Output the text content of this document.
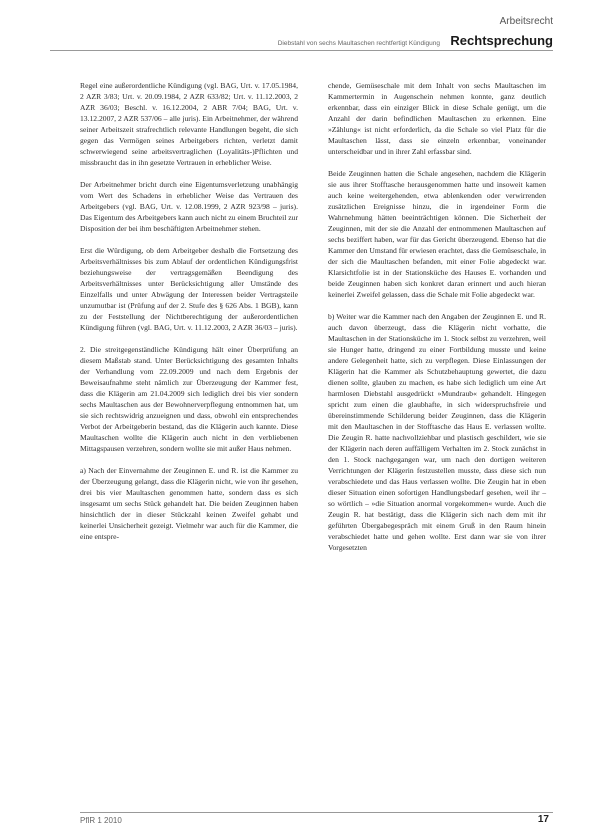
Arbeitsrecht
Diebstahl von sechs Maultaschen rechtfertigt Kündigung Rechtsprechung

Regel eine außerordentliche Kündigung (vgl. BAG, Urt. v. 17.05.1984, 2 AZR 3/83; Urt. v. 20.09.1984, 2 AZR 633/82; Urt. v. 11.12.2003, 2 AZR 36/03; Beschl. v. 16.12.2004, 2 ABR 7/04; BAG, Urt. v. 13.12.2007, 2 AZR 537/06 – alle juris). Ein Arbeitnehmer, der während seiner Arbeitszeit strafrechtlich relevante Handlungen begeht, die sich gegen das Vermögen seines Arbeitgebers richten, verletzt damit schwerwiegend seine arbeitsvertraglichen (Loyalitäts-)Pflichten und missbraucht das in ihn gesetzte Vertrauen in erheblicher Weise.

Der Arbeitnehmer bricht durch eine Eigentumsverletzung unabhängig vom Wert des Schadens in erheblicher Weise das Vertrauen des Arbeitgebers (vgl. BAG, Urt. v. 12.08.1999, 2 AZR 923/98 – juris). Das Eigentum des Arbeitgebers kann auch nicht zu einem Bruchteil zur Disposition der bei ihm beschäftigten Arbeitnehmer stehen.

Erst die Würdigung, ob dem Arbeitgeber deshalb die Fortsetzung des Arbeitsverhältnisses bis zum Ablauf der ordentlichen Kündigungsfrist beziehungsweise der vertragsgemäßen Beendigung des Arbeitsverhältnisses unter Berücksichtigung aller Umstände des Einzelfalls und unter Abwägung der Interessen beider Vertragsteile unzumutbar ist (Prüfung auf der 2. Stufe des § 626 Abs. 1 BGB), kann zu der Feststellung der Nichtberechtigung der außerordentlichen Kündigung führen (vgl. BAG, Urt. v. 11.12.2003, 2 AZR 36/03 – juris).

2. Die streitgegenständliche Kündigung hält einer Überprüfung an diesem Maßstab stand. Unter Berücksichtigung des gesamten Inhalts der Verhandlung vom 22.09.2009 und nach dem Ergebnis der Beweisaufnahme steht nämlich zur Überzeugung der Kammer fest, dass die Klägerin am 21.04.2009 sich lediglich drei bis vier sondern sechs Maultaschen aus der Bewohnerverpflegung entnommen hat, um sie sich rechtswidrig anzueignen und dass, obwohl ein entsprechendes Verbot der Arbeitgeberin bestand, das die Klägerin auch kannte. Diese Maultaschen wollte die Klägerin auch nicht in den verbliebenen Mittagspausen verzehren, sondern wollte sie mit außer Haus nehmen.

a) Nach der Einvernahme der Zeuginnen E. und R. ist die Kammer zu der Überzeugung gelangt, dass die Klägerin nicht, wie von ihr gesehen, drei bis vier Maultaschen genommen hatte, sondern dass es sich insgesamt um sechs Stück gehandelt hat. Die beiden Zeuginnen haben hinsichtlich der in dieser Stückzahl keinen Zweifel gehabt und keinerlei Unsicherheit gezeigt. Vielmehr war auch für die Kammer, die eine entspre-

chende, Gemüseschale mit dem Inhalt von sechs Maultaschen im Kammertermin in Augenschein nehmen konnte, ganz deutlich erkennbar, dass ein einziger Blick in diese Schale genügt, um die Anzahl der darin befindlichen Maultaschen zu erkennen. Eine »Zählung« ist nicht erforderlich, da die Schale so viel Platz für die Maultaschen lässt, dass sie einzeln erkennbar, voneinander unterscheidbar und in ihrer Zahl erfassbar sind.

Beide Zeuginnen hatten die Schale angesehen, nachdem die Klägerin sie aus ihrer Stofftasche herausgenommen hatte und insoweit kamen auch keine weitergehenden, etwa ablenkenden oder verwirrenden zusätzlichen Ereignisse hinzu, die in irgendeiner Form die Wahrnehmung hätten beeinträchtigen können. Die Sicherheit der Zeuginnen, mit der sie die Anzahl der entnommenen Maultaschen auf sechs beziffert haben, war für das Gericht überzeugend. Ebenso hat die Kammer den Umstand für erwiesen erachtet, dass die Gemüseschale, in der sich die Maultaschen befanden, mit einer Folie abgedeckt war. Klarsichtfolie ist in der Stationsküche des Hauses E. vorhanden und beide Zeuginnen haben sich konkret daran erinnert und auch hieran keinerlei Zweifel gelassen, dass die Schale mit Folie abgedeckt war.

b) Weiter war die Kammer nach den Angaben der Zeuginnen E. und R. auch davon überzeugt, dass die Klägerin nicht vorhatte, die Maultaschen in der Stationsküche im 1. Stock selbst zu verzehren, weil sie Hunger hatte, dringend zu einer Fortbildung musste und keine andere Gelegenheit hatte, sich zu verpflegen. Diese Einlassungen der Klägerin hat die Kammer als Schutzbehauptung gewertet, die dazu dienen sollte, glauben zu machen, es habe sich lediglich um eine Art harmlosen Diebstahl ausgedrückt »Mundraub« gehandelt. Hingegen spricht zum einen die glaubhafte, in sich widerspruchsfreie und übereinstimmende Schilderung beider Zeuginnen, dass die Klägerin mit den Maultaschen in der Stofftasche das Haus E. verlassen wollte. Die Zeugin R. hatte nachvollziehbar und plastisch geschildert, wie sie der Klägerin nach deren auffälligem Verhalten im 2. Stock zunächst in den 1. Stock nachgegangen war, um nach den dortigen weiteren Verrichtungen der Klägerin festzustellen musste, dass diese sich nun verabschiedete und das Haus verlassen wollte. Die Zeugin hat in eben dieser Situation einen sofortigen Handlungsbedarf gesehen, weil ihr – so wörtlich – »die Situation anormal vorgekommen« wurde. Auch die Zeugin R. hat bestätigt, dass die Klägerin sich nach dem mit ihr geführten Übergabegespräch mit einem Gruß in den Raum hinein verabschiedet hatte und gehen wollte. Erst dann war sie von ihrer Vorgesetzten

PflR 1 2010	17
